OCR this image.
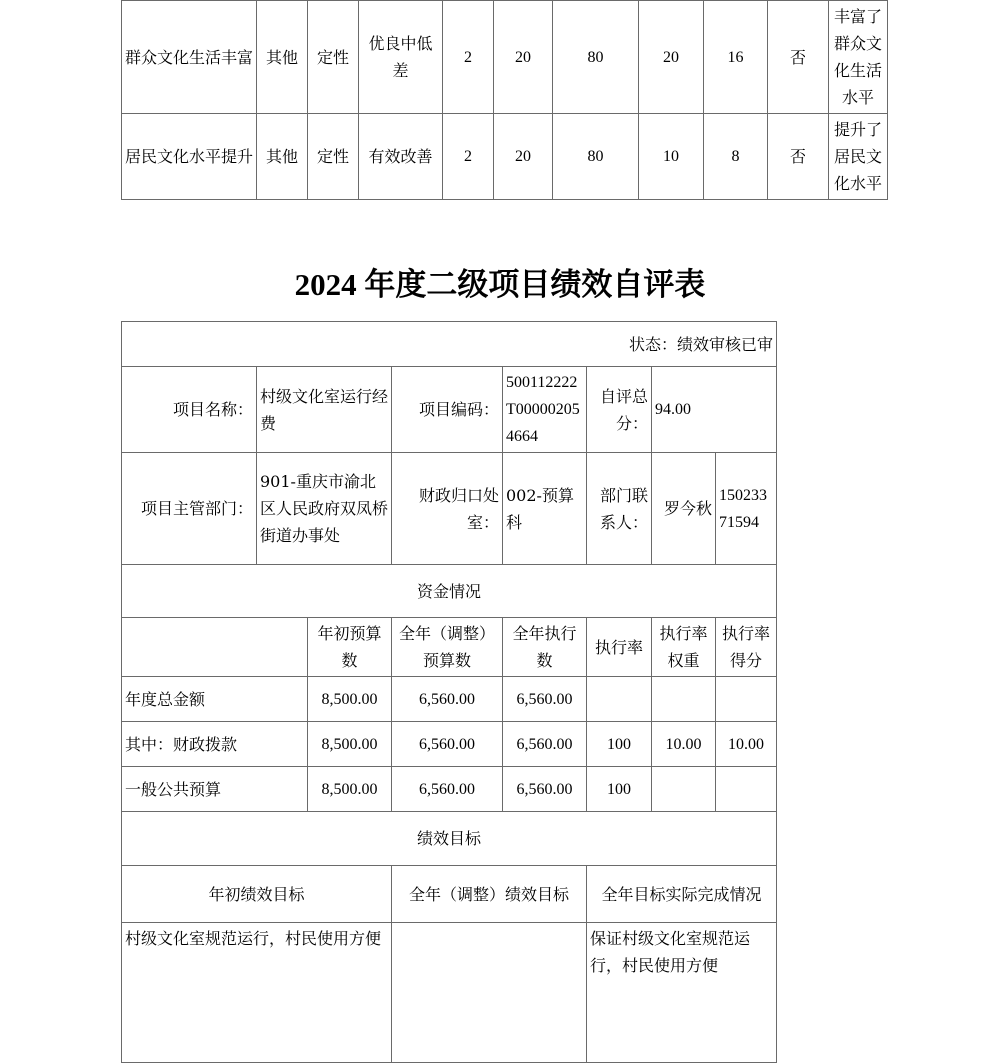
群众文化生活丰富	其他	定性	优良中低差	2	20	80	20	16	否	丰富了群众文化生活水平
居民文化水平提升	其他	定性	有效改善	2	20	80	10	8	否	提升了居民文化水平
2024 年度二级项目绩效自评表
状态：绩效审核已审							
项目名称：	村级文化室运行经费		项目编码：	500112222T000002054664	自评总分：	94.00	
项目主管部门：	901-重庆市渝北区人民政府双凤桥街道办事处		财政归口处室：	002-预算科	部门联系人：	罗今秋	15023371594
资金情况							
		年初预算数	全年（调整）预算数	全年执行数	执行率	执行率权重	执行率得分
年度总金额		8,500.00	6,560.00	6,560.00			
其中：财政拨款		8,500.00	6,560.00	6,560.00	100	10.00	10.00
一般公共预算		8,500.00	6,560.00	6,560.00	100		
绩效目标							
年初绩效目标			全年（调整）绩效目标		全年目标实际完成情况		
村级文化室规范运行，村民使用方便					保证村级文化室规范运行，村民使用方便		
